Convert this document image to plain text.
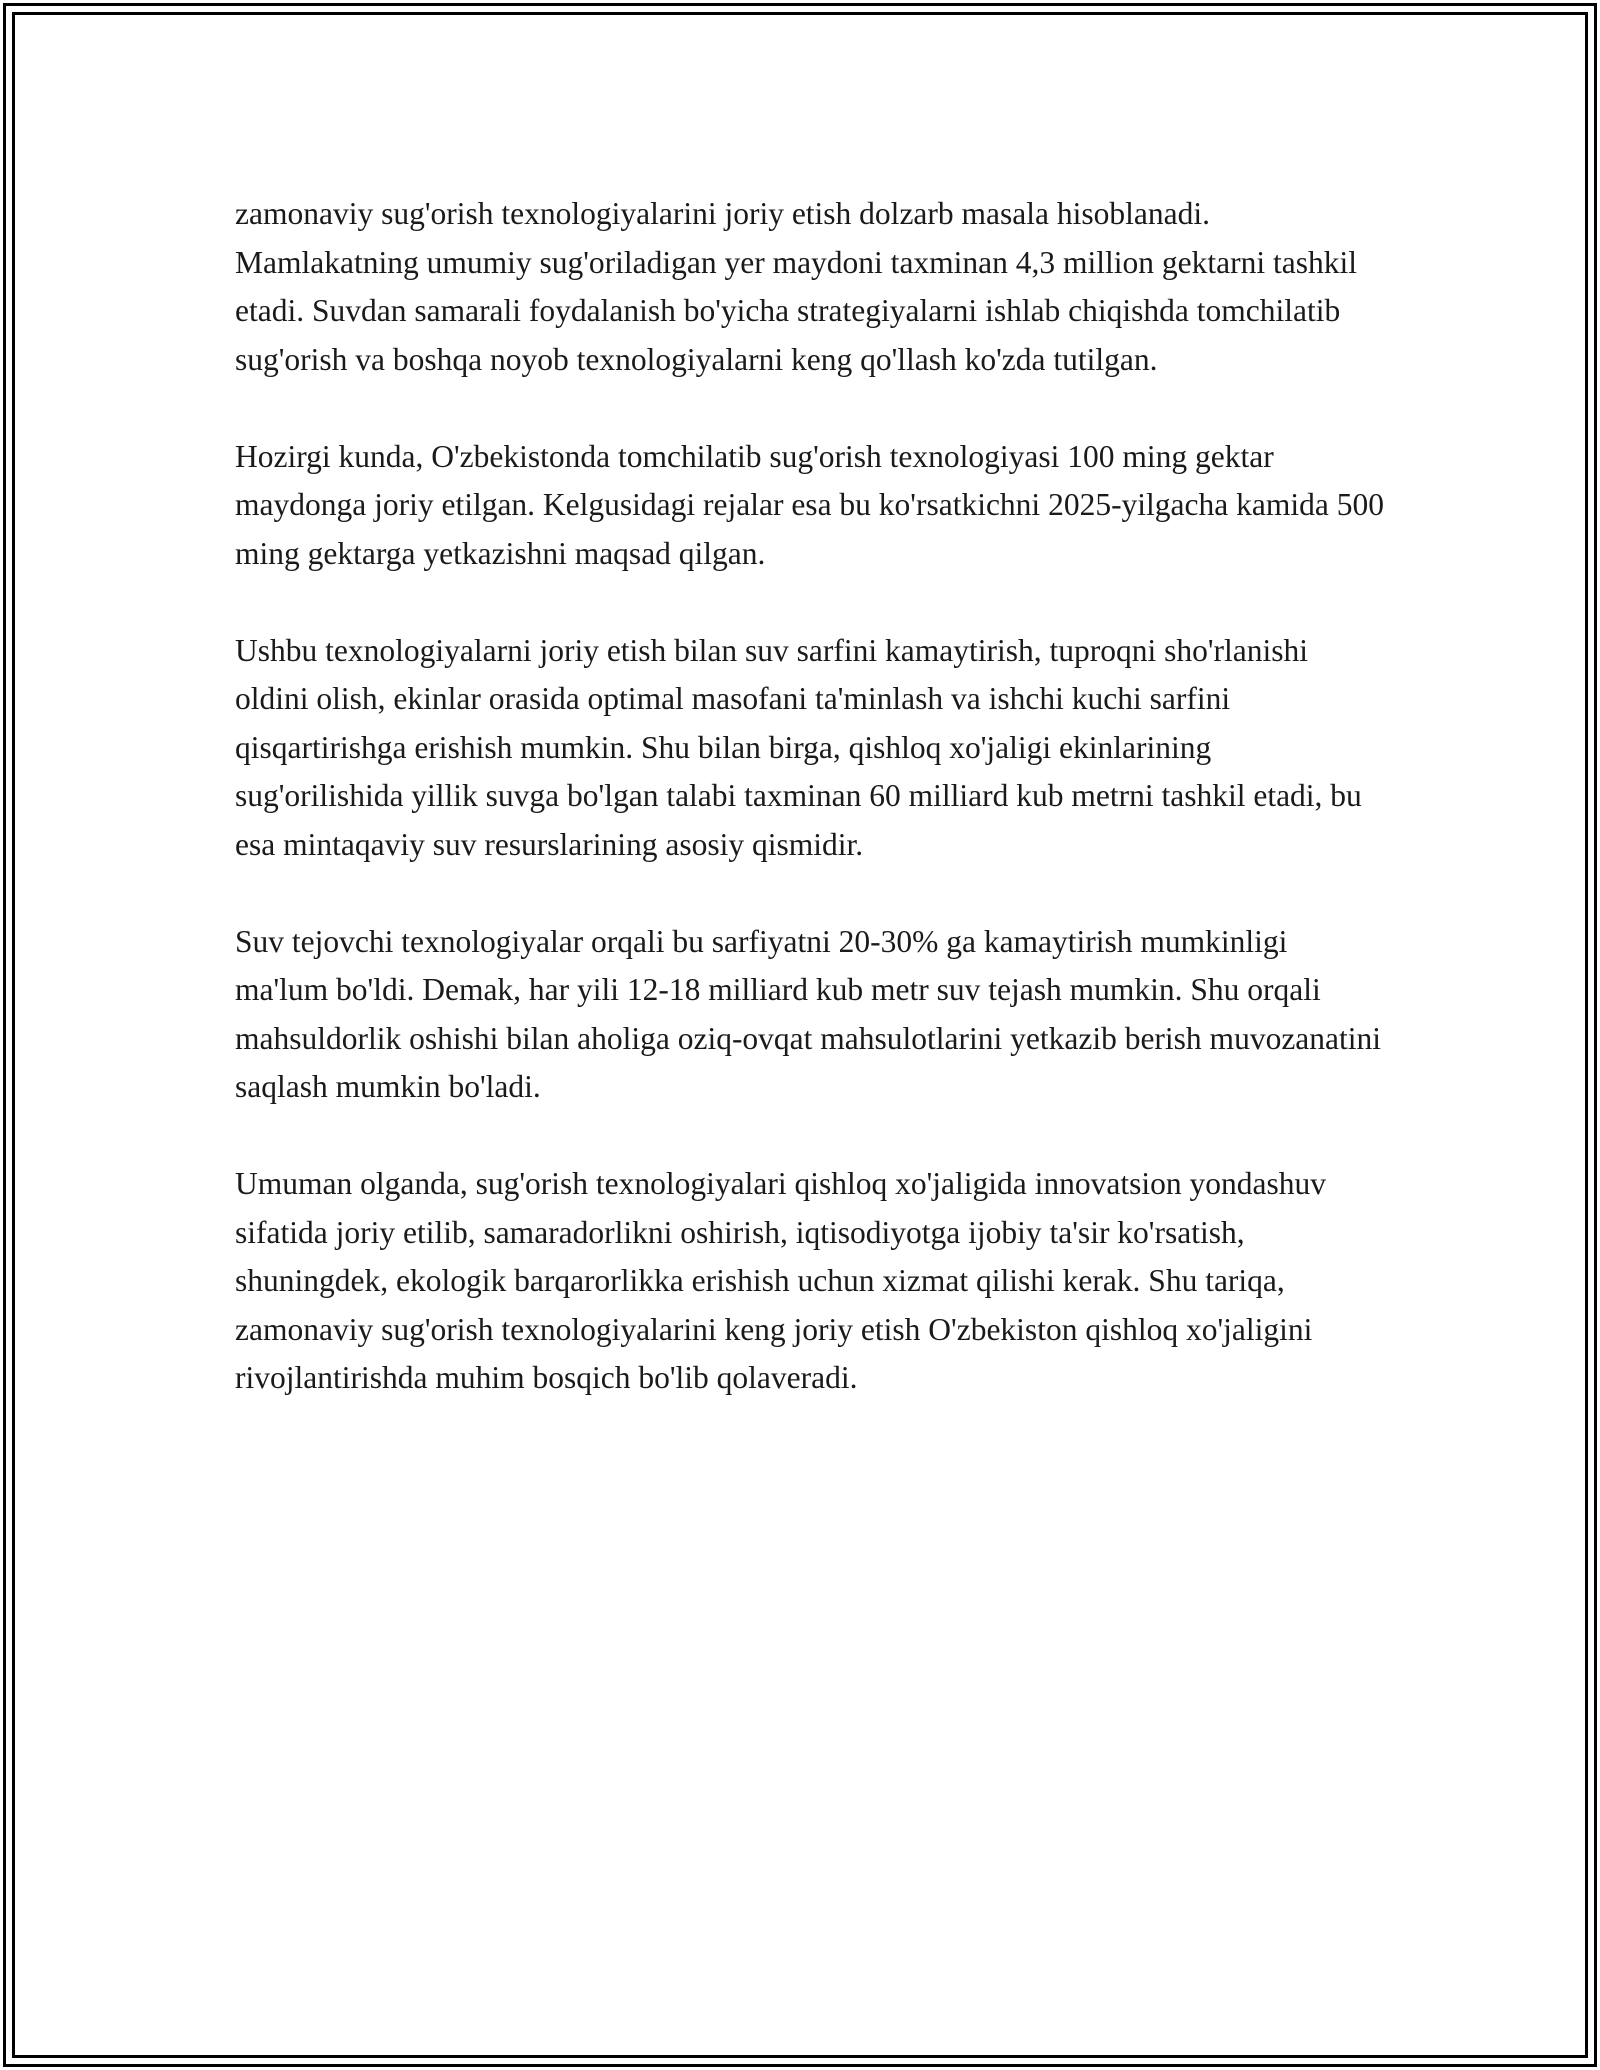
zamonaviy sug'orish texnologiyalarini joriy etish dolzarb masala hisoblanadi. Mamlakatning umumiy sug'oriladigan yer maydoni taxminan 4,3 million gektarni tashkil etadi. Suvdan samarali foydalanish bo'yicha strategiyalarni ishlab chiqishda tomchilatib sug'orish va boshqa noyob texnologiyalarni keng qo'llash ko'zda tutilgan.

Hozirgi kunda, O'zbekistonda tomchilatib sug'orish texnologiyasi 100 ming gektar maydonga joriy etilgan. Kelgusidagi rejalar esa bu ko'rsatkichni 2025-yilgacha kamida 500 ming gektarga yetkazishni maqsad qilgan.

Ushbu texnologiyalarni joriy etish bilan suv sarfini kamaytirish, tuproqni sho'rlanishi oldini olish, ekinlar orasida optimal masofani ta'minlash va ishchi kuchi sarfini qisqartirishga erishish mumkin. Shu bilan birga, qishloq xo'jaligi ekinlarining sug'orilishida yillik suvga bo'lgan talabi taxminan 60 milliard kub metrni tashkil etadi, bu esa mintaqaviy suv resurslarining asosiy qismidir.

Suv tejovchi texnologiyalar orqali bu sarfiyatni 20-30% ga kamaytirish mumkinligi ma'lum bo'ldi. Demak, har yili 12-18 milliard kub metr suv tejash mumkin. Shu orqali mahsuldorlik oshishi bilan aholiga oziq-ovqat mahsulotlarini yetkazib berish muvozanatini saqlash mumkin bo'ladi.

Umuman olganda, sug'orish texnologiyalari qishloq xo'jaligida innovatsion yondashuv sifatida joriy etilib, samaradorlikni oshirish, iqtisodiyotga ijobiy ta'sir ko'rsatish, shuningdek, ekologik barqarorlikka erishish uchun xizmat qilishi kerak. Shu tariqa, zamonaviy sug'orish texnologiyalarini keng joriy etish O'zbekiston qishloq xo'jaligini rivojlantirishda muhim bosqich bo'lib qolaveradi.
